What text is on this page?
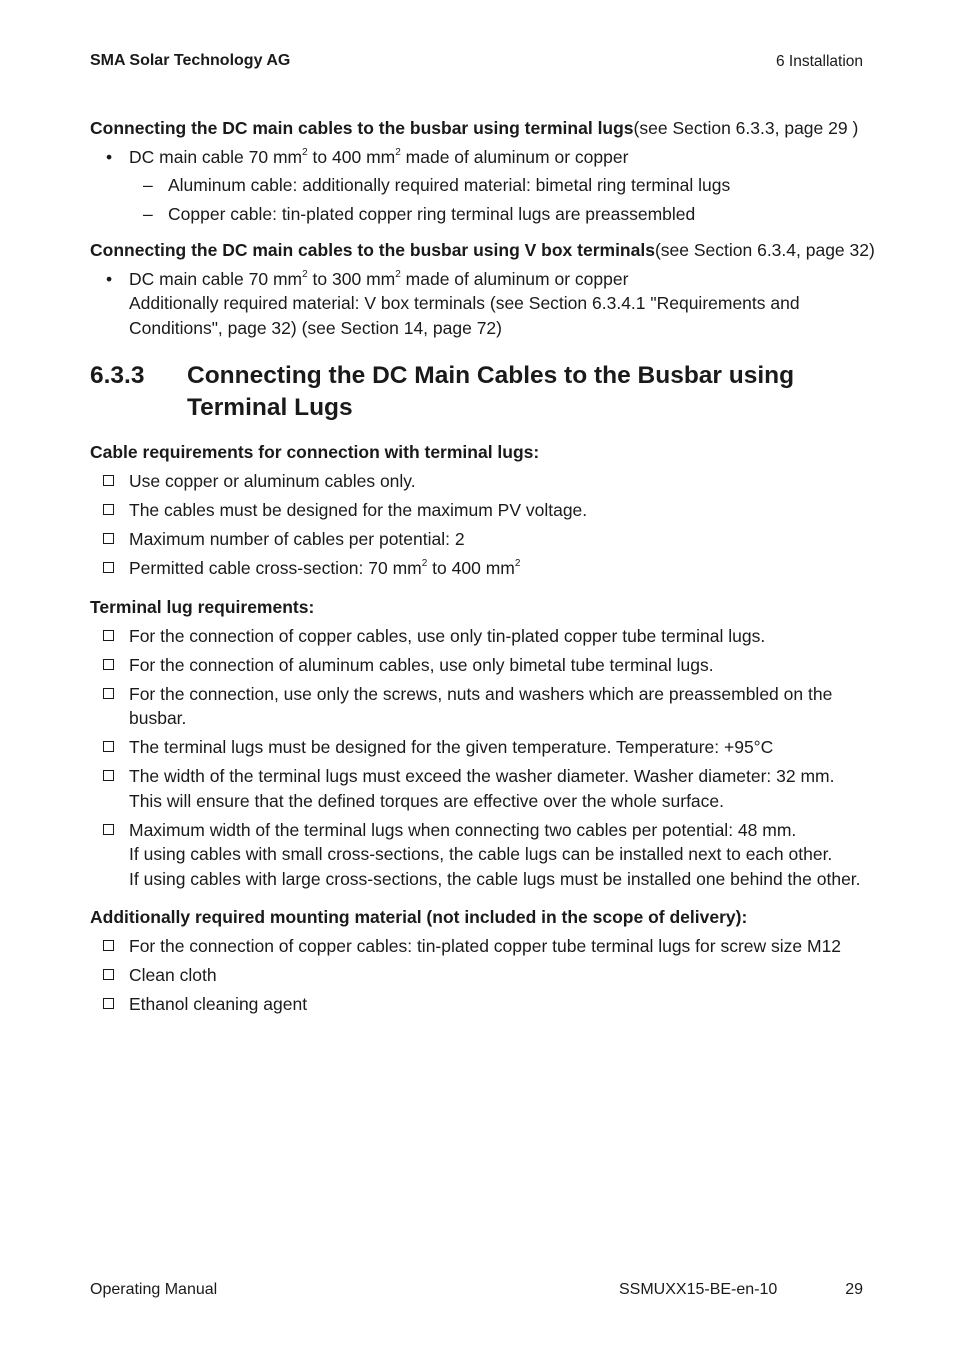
SMA Solar Technology AG	6 Installation

Connecting the DC main cables to the busbar using terminal lugs(see Section 6.3.3, page 29 )

• DC main cable 70 $mm^2$ to 400 $mm^2$ made of aluminum or copper
– Aluminum cable: additionally required material: bimetal ring terminal lugs
– Copper cable: tin-plated copper ring terminal lugs are preassembled

Connecting the DC main cables to the busbar using V box terminals(see Section 6.3.4, page 32)

• DC main cable 70 $mm^2$ to 300 $mm^2$ made of aluminum or copper
Additionally required material: V box terminals (see Section 6.3.4.1 "Requirements and Conditions", page 32) (see Section 14, page 72)
6.3.3	Connecting the DC Main Cables to the Busbar using Terminal Lugs
Cable requirements for connection with terminal lugs:
Use copper or aluminum cables only.
The cables must be designed for the maximum PV voltage.
Maximum number of cables per potential: 2
Permitted cable cross-section: 70 $mm^2$ to 400 $mm^2$
Terminal lug requirements:
For the connection of copper cables, use only tin-plated copper tube terminal lugs.
For the connection of aluminum cables, use only bimetal tube terminal lugs.
For the connection, use only the screws, nuts and washers which are preassembled on the busbar.
The terminal lugs must be designed for the given temperature. Temperature: +95°C
The width of the terminal lugs must exceed the washer diameter. Washer diameter: 32 mm.
This will ensure that the defined torques are effective over the whole surface.
Maximum width of the terminal lugs when connecting two cables per potential: 48 mm.
If using cables with small cross-sections, the cable lugs can be installed next to each other.
If using cables with large cross-sections, the cable lugs must be installed one behind the other.
Additionally required mounting material (not included in the scope of delivery):
For the connection of copper cables: tin-plated copper tube terminal lugs for screw size M12
Clean cloth
Ethanol cleaning agent
Operating Manual	SSMUXX15-BE-en-10	29
